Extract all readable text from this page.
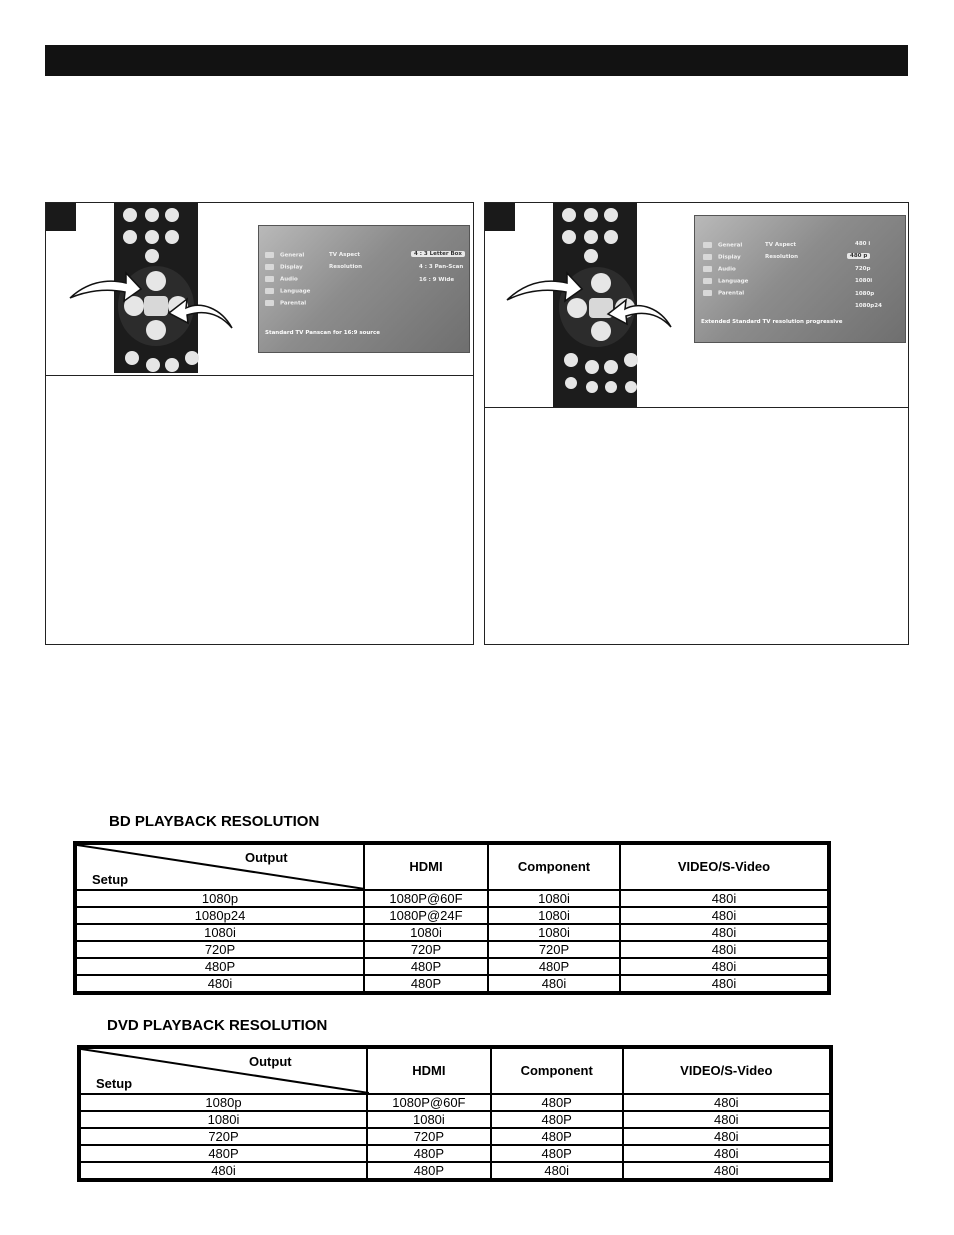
General
Display
Audio
Language
Parental
TV Aspect
Resolution
4 : 3 Letter Box
4 : 3 Pan-Scan
16 : 9 Wide
Standard TV Panscan for 16:9 source
General
Display
Audio
Language
Parental
TV Aspect
Resolution
480 i
480 p
720p
1080i
1080p
1080p24
Extended Standard TV resolution progressive
BD PLAYBACK RESOLUTION
Output
Setup	HDMI	Component	VIDEO/S-Video
1080p	1080P@60F	1080i	480i
1080p24	1080P@24F	1080i	480i
1080i	1080i	1080i	480i
720P	720P	720P	480i
480P	480P	480P	480i
480i	480P	480i	480i
DVD PLAYBACK RESOLUTION
Output
Setup	HDMI	Component	VIDEO/S-Video
1080p	1080P@60F	480P	480i
1080i	1080i	480P	480i
720P	720P	480P	480i
480P	480P	480P	480i
480i	480P	480i	480i
